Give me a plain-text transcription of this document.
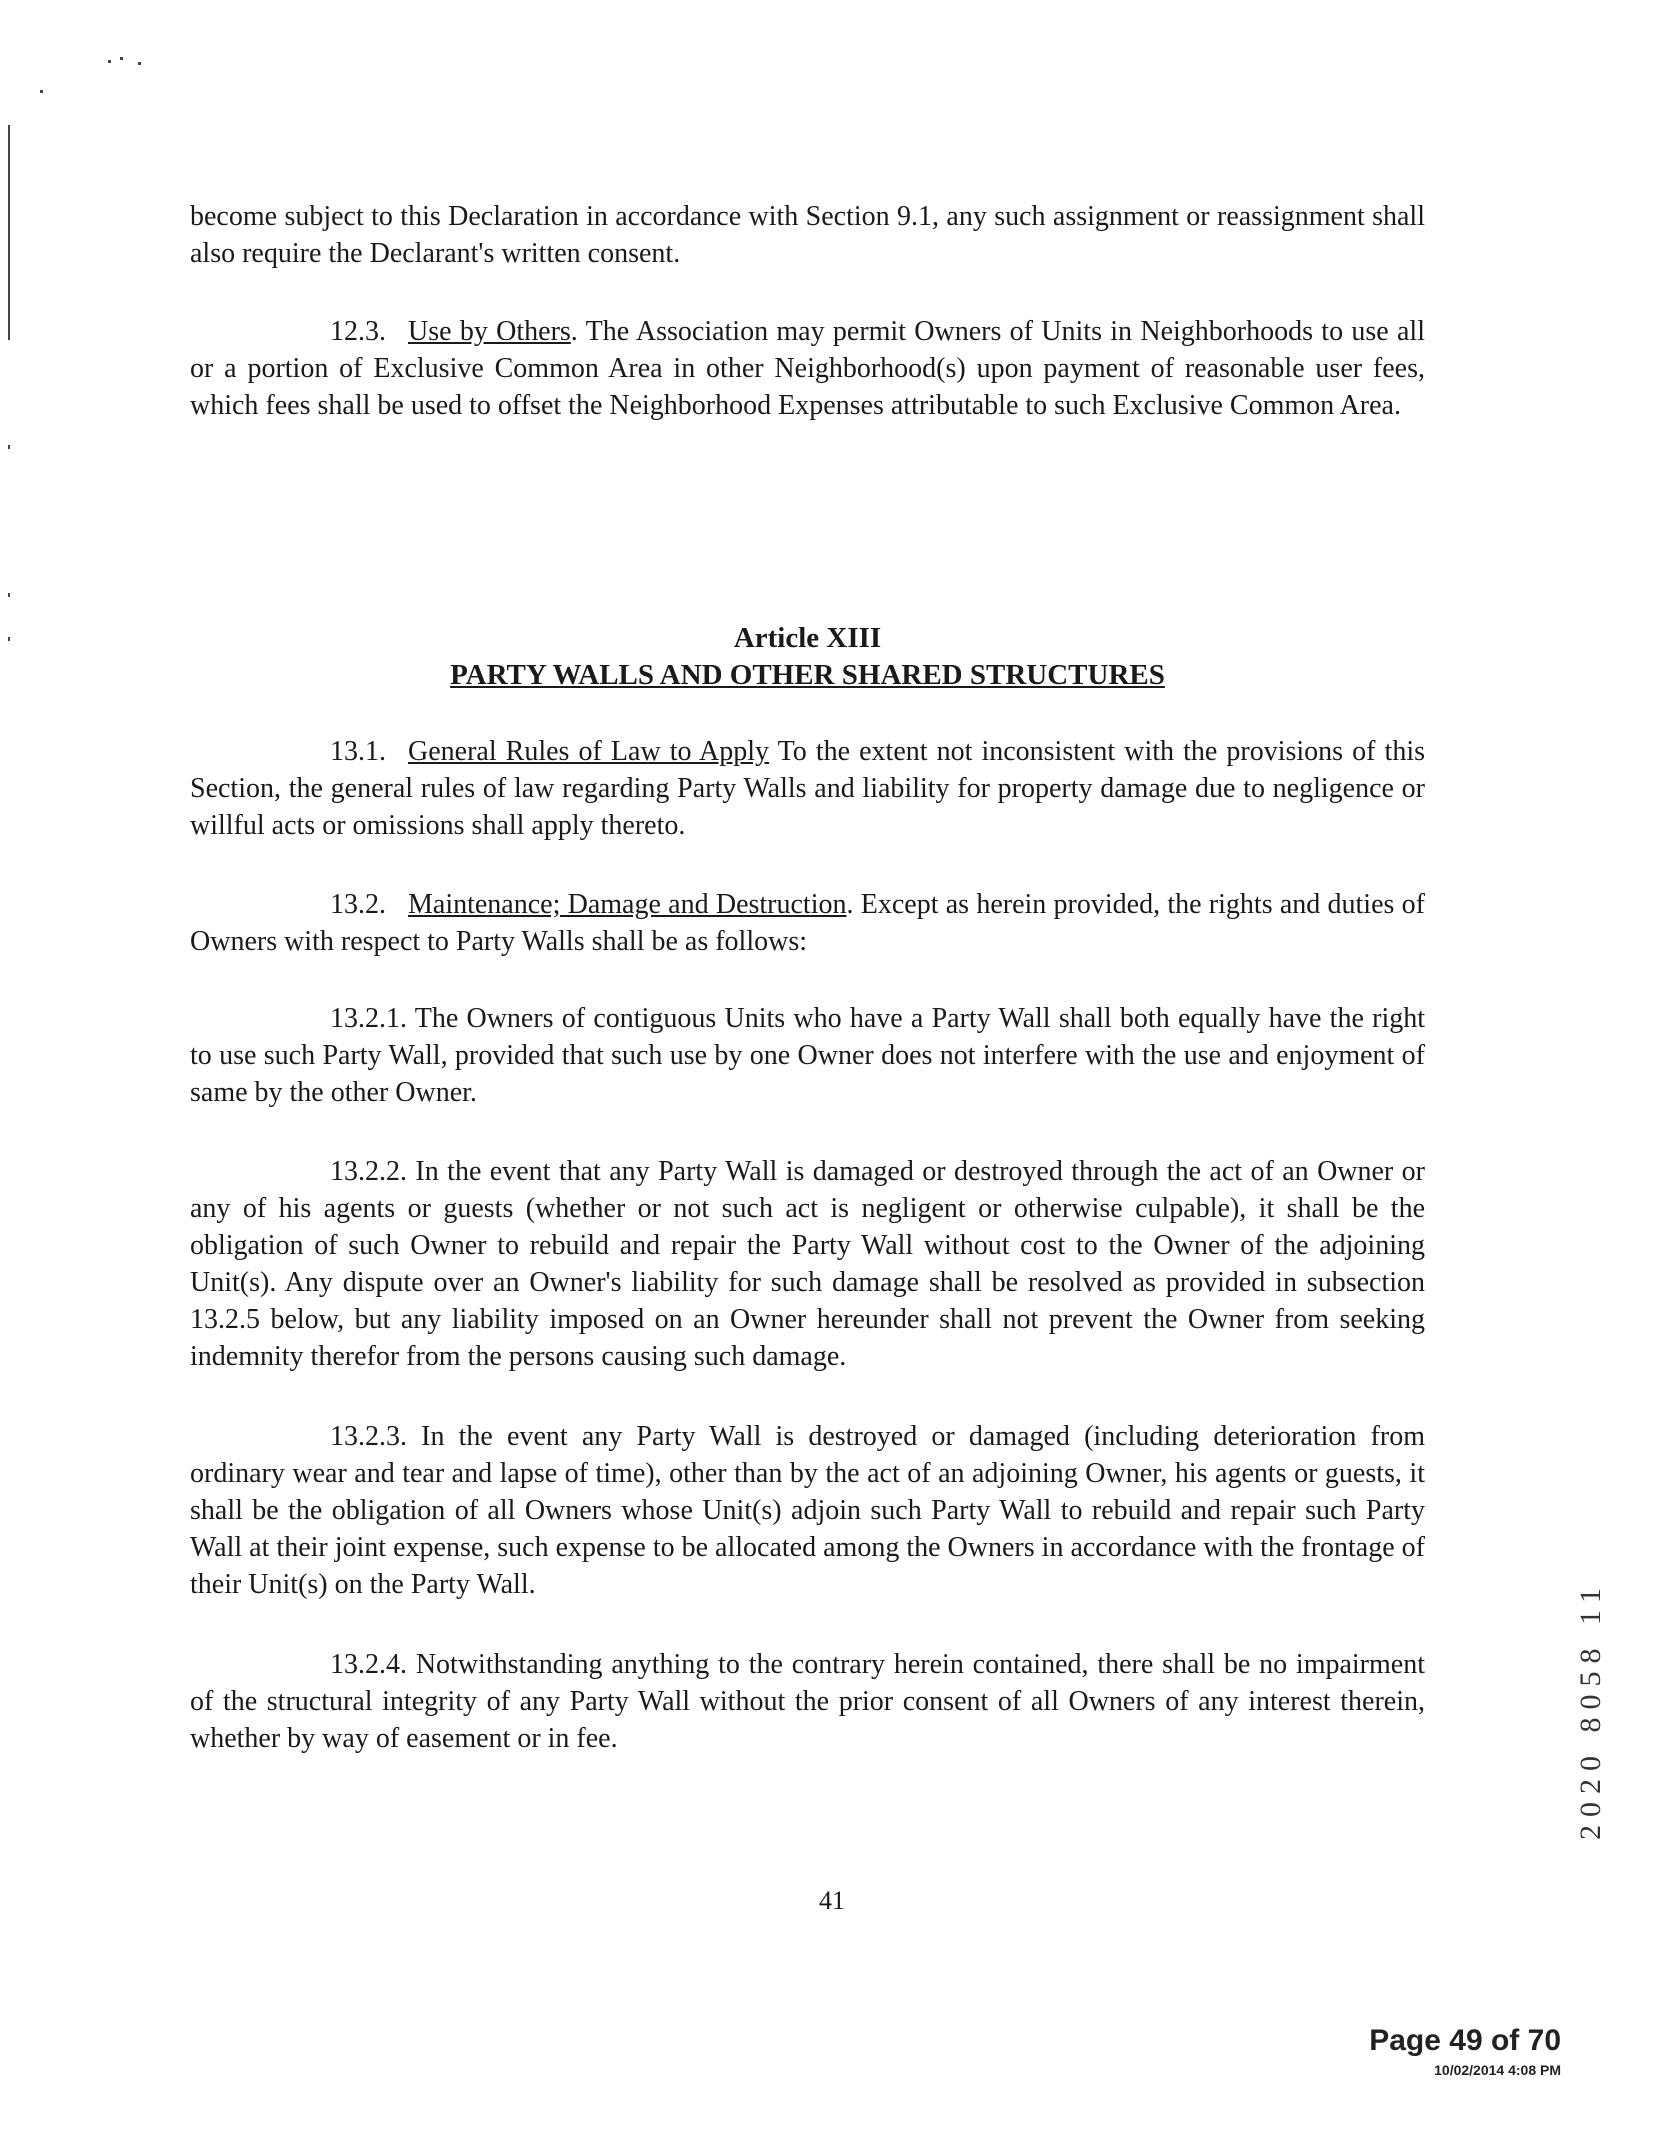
become subject to this Declaration in accordance with Section 9.1, any such assignment or reassignment shall also require the Declarant's written consent.

12.3. Use by Others. The Association may permit Owners of Units in Neighborhoods to use all or a portion of Exclusive Common Area in other Neighborhood(s) upon payment of reasonable user fees, which fees shall be used to offset the Neighborhood Expenses attributable to such Exclusive Common Area.

Article XIII
PARTY WALLS AND OTHER SHARED STRUCTURES

13.1. General Rules of Law to Apply To the extent not inconsistent with the provisions of this Section, the general rules of law regarding Party Walls and liability for property damage due to negligence or willful acts or omissions shall apply thereto.

13.2. Maintenance; Damage and Destruction. Except as herein provided, the rights and duties of Owners with respect to Party Walls shall be as follows:

13.2.1. The Owners of contiguous Units who have a Party Wall shall both equally have the right to use such Party Wall, provided that such use by one Owner does not interfere with the use and enjoyment of same by the other Owner.

13.2.2. In the event that any Party Wall is damaged or destroyed through the act of an Owner or any of his agents or guests (whether or not such act is negligent or otherwise culpable), it shall be the obligation of such Owner to rebuild and repair the Party Wall without cost to the Owner of the adjoining Unit(s). Any dispute over an Owner's liability for such damage shall be resolved as provided in subsection 13.2.5 below, but any liability imposed on an Owner hereunder shall not prevent the Owner from seeking indemnity therefor from the persons causing such damage.

13.2.3. In the event any Party Wall is destroyed or damaged (including deterioration from ordinary wear and tear and lapse of time), other than by the act of an adjoining Owner, his agents or guests, it shall be the obligation of all Owners whose Unit(s) adjoin such Party Wall to rebuild and repair such Party Wall at their joint expense, such expense to be allocated among the Owners in accordance with the frontage of their Unit(s) on the Party Wall.

13.2.4. Notwithstanding anything to the contrary herein contained, there shall be no impairment of the structural integrity of any Party Wall without the prior consent of all Owners of any interest therein, whether by way of easement or in fee.	2020 8058 11

41

Page 49 of 70
10/02/2014 4:08 PM
